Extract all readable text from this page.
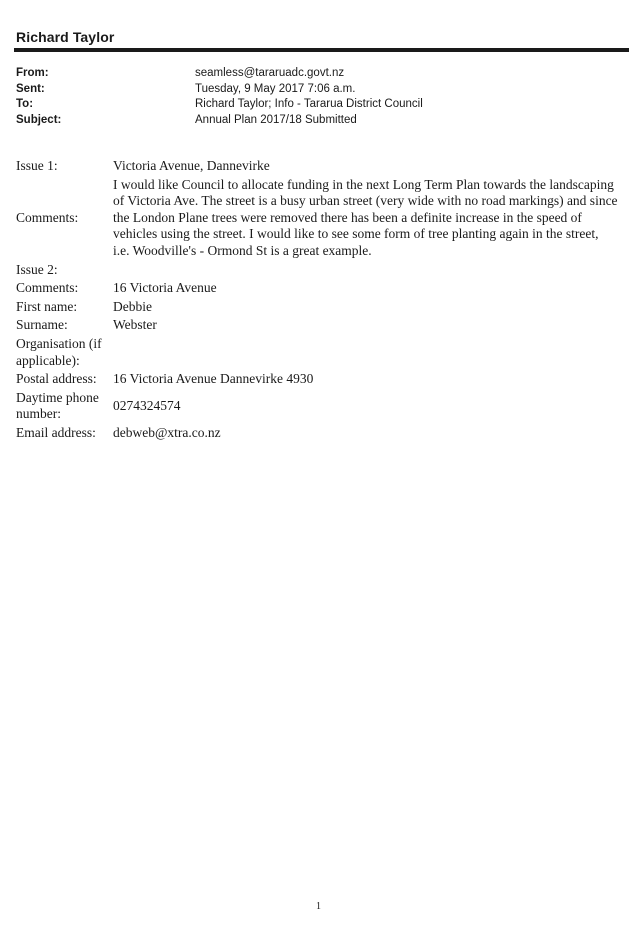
Richard Taylor
From:	seamless@tararuadc.govt.nz
Sent:	Tuesday, 9 May 2017 7:06 a.m.
To:	Richard Taylor; Info - Tararua District Council
Subject:	Annual Plan 2017/18 Submitted
Issue 1:	Victoria Avenue, Dannevirke
Comments:	I would like Council to allocate funding in the next Long Term Plan towards the landscaping of Victoria Ave. The street is a busy urban street (very wide with no road markings) and since the London Plane trees were removed there has been a definite increase in the speed of vehicles using the street. I would like to see some form of tree planting again in the street, i.e. Woodville's - Ormond St is a great example.
Issue 2:	
Comments:	16 Victoria Avenue
First name:	Debbie
Surname:	Webster
Organisation (if applicable):	
Postal address:	16 Victoria Avenue Dannevirke 4930
Daytime phone number:	0274324574
Email address:	debweb@xtra.co.nz
1
